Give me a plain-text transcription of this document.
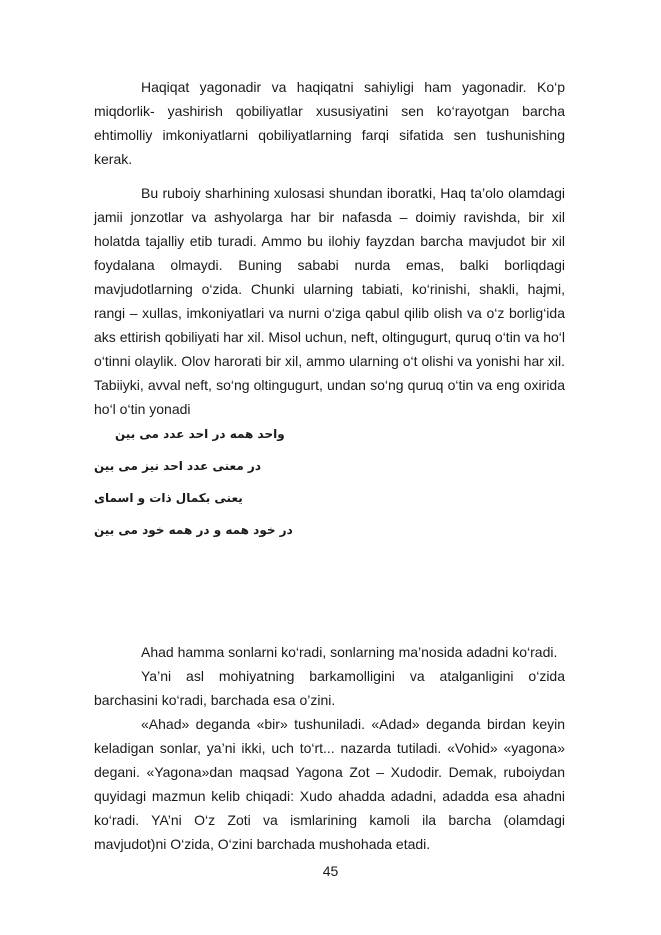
Haqiqat yagonadir va haqiqatni sahiyligi ham yagonadir. Ko‘p miqdorlik- yashirish qobiliyatlar xususiyatini sen ko‘rayotgan barcha ehtimolliy imkoniyatlarni qobiliyatlarning farqi sifatida sen tushunishing kerak.

Bu ruboiy sharhining xulosasi shundan iboratki, Haq ta’olo olamdagi jamii jonzotlar va ashyolarga har bir nafasda – doimiy ravishda, bir xil holatda tajalliy etib turadi. Ammo bu ilohiy fayzdan barcha mavjudot bir xil foydalana olmaydi. Buning sababi nurda emas, balki borliqdagi mavjudotlarning o‘zida. Chunki ularning tabiati, ko‘rinishi, shakli, hajmi, rangi – xullas, imkoniyatlari va nurni o‘ziga qabul qilib olish va o‘z borlig‘ida aks ettirish qobiliyati har xil. Misol uchun, neft, oltingugurt, quruq o‘tin va ho‘l o‘tinni olaylik. Olov harorati bir xil, ammo ularning o‘t olishi va yonishi har xil. Tabiiyki, avval neft, so‘ng oltingugurt, undan so‘ng quruq o‘tin va eng oxirida ho‘l o‘tin yonadi

واحد همه در احد عدد می بین

در معنی عدد احد نیز می بین

یعنی بکمال ذات و اسمای

در خود همه و در همه خود می بین

Ahad hamma sonlarni ko‘radi, sonlarning ma’nosida adadni ko‘radi.

Ya’ni asl mohiyatning barkamolligini va atalganligini o‘zida barchasini ko‘radi, barchada esa o’zini.

«Ahad» deganda «bir» tushuniladi. «Adad» deganda birdan keyin keladigan sonlar, ya’ni ikki, uch to‘rt... nazarda tutiladi. «Vohid» «yagona» degani. «Yagona»dan maqsad Yagona Zot – Xudodir. Demak, ruboiydan quyidagi mazmun kelib chiqadi: Xudo ahadda adadni, adadda esa ahadni ko‘radi. YA’ni O‘z Zoti va ismlarining kamoli ila barcha (olamdagi mavjudot)ni O‘zida, O‘zini barchada mushohada etadi.

45
